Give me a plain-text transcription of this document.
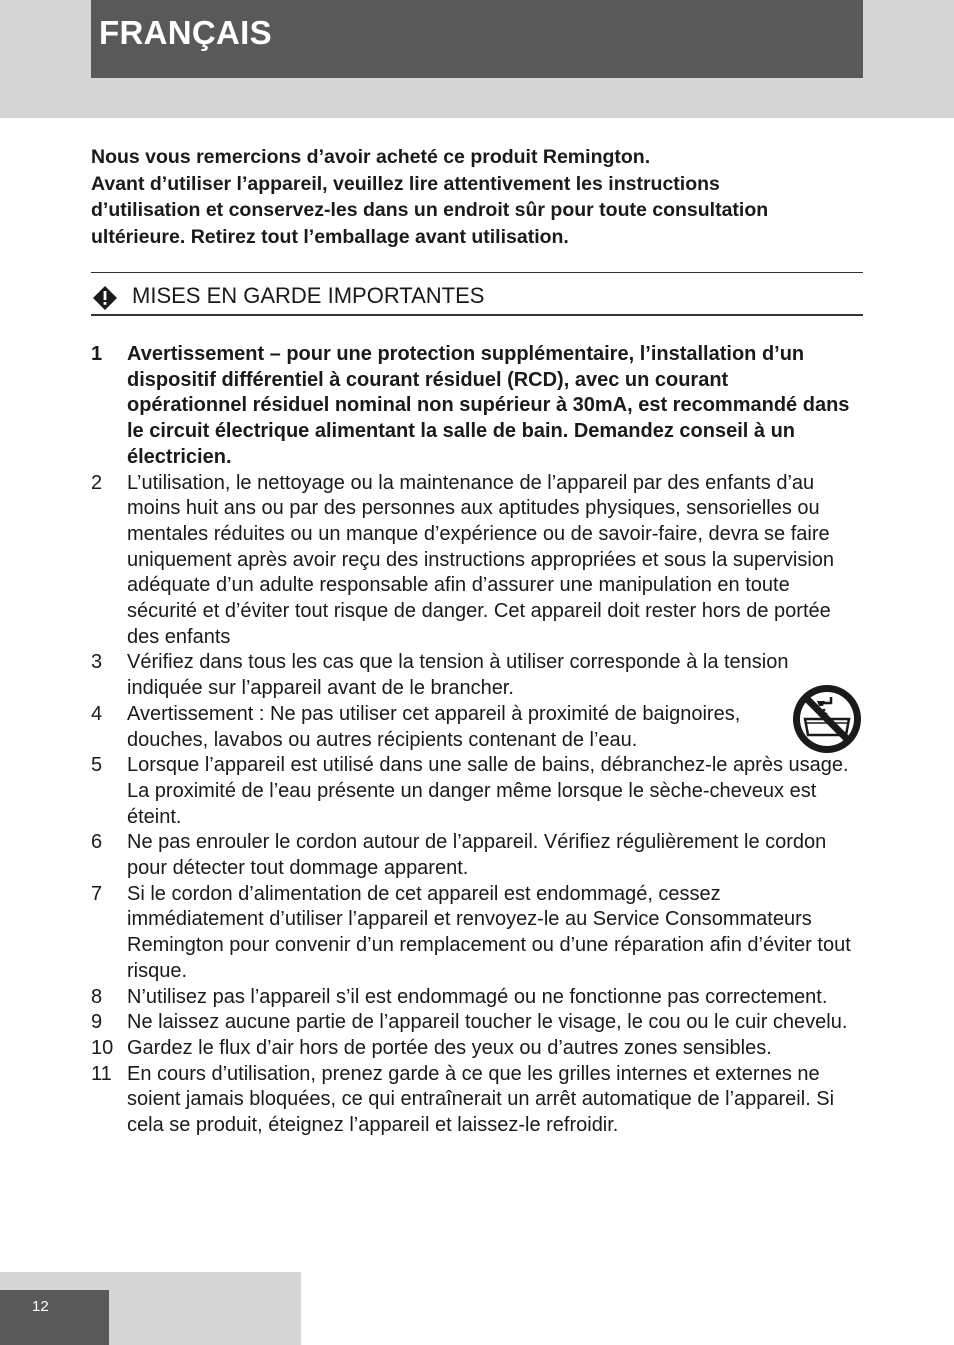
FRANÇAIS

Nous vous remercions d’avoir acheté ce produit Remington.

Avant d’utiliser l’appareil, veuillez lire attentivement les instructions d’utilisation et conservez-les dans un endroit sûr pour toute consultation ultérieure. Retirez tout l’emballage avant utilisation.

MISES EN GARDE IMPORTANTES
1 Avertissement – pour une protection supplémentaire, l’installation d’un dispositif différentiel à courant résiduel (RCD), avec un courant opérationnel résiduel nominal non supérieur à 30mA, est recommandé dans le circuit électrique alimentant la salle de bain. Demandez conseil à un électricien.
2 L’utilisation, le nettoyage ou la maintenance de l’appareil par des enfants d’au moins huit ans ou par des personnes aux aptitudes physiques, sensorielles ou mentales réduites ou un manque d’expérience ou de savoir-faire, devra se faire uniquement après avoir reçu des instructions appropriées et sous la supervision adéquate d’un adulte responsable afin d’assurer une manipulation en toute sécurité et d’éviter tout risque de danger. Cet appareil doit rester hors de portée des enfants
3 Vérifiez dans tous les cas que la tension à utiliser corresponde à la tension indiquée sur l’appareil avant de le brancher.
4 Avertissement : Ne pas utiliser cet appareil à proximité de baignoires, douches, lavabos ou autres récipients contenant de l’eau.
5 Lorsque l’appareil est utilisé dans une salle de bains, débranchez-le après usage. La proximité de l’eau présente un danger même lorsque le sèche-cheveux est éteint.
6 Ne pas enrouler le cordon autour de l’appareil. Vérifiez régulièrement le cordon pour détecter tout dommage apparent.
7 Si le cordon d’alimentation de cet appareil est endommagé, cessez immédiatement d’utiliser l’appareil et renvoyez-le au Service Consommateurs Remington pour convenir d’un remplacement ou d’une réparation afin d’éviter tout risque.
8 N’utilisez pas l’appareil s’il est endommagé ou ne fonctionne pas correctement.
9 Ne laissez aucune partie de l’appareil toucher le visage, le cou ou le cuir chevelu.
10 Gardez le flux d’air hors de portée des yeux ou d’autres zones sensibles.
11 En cours d’utilisation, prenez garde à ce que les grilles internes et externes ne soient jamais bloquées, ce qui entraînerait un arrêt automatique de l’appareil. Si cela se produit, éteignez l’appareil et laissez-le refroidir.
12
